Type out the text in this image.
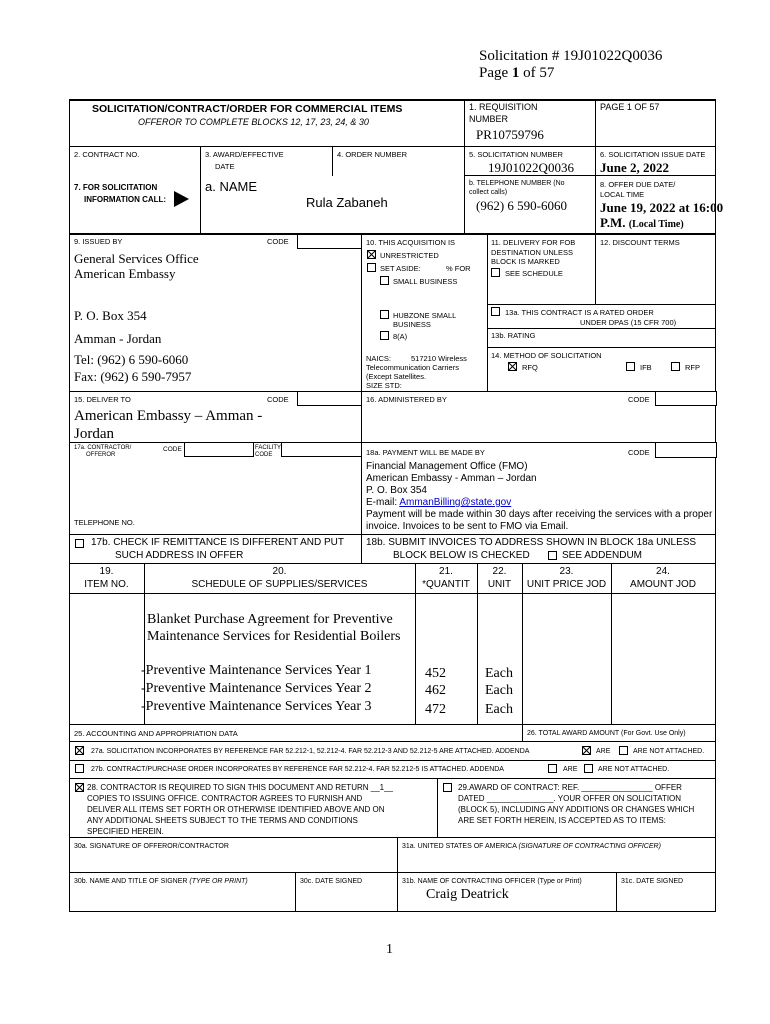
Solicitation # 19J01022Q0036
Page 1 of 57
SOLICITATION/CONTRACT/ORDER FOR COMMERCIAL ITEMS
OFFEROR TO COMPLETE BLOCKS 12, 17, 23, 24, & 30
1. REQUISITION
NUMBER
PR10759796
PAGE 1 OF 57
2. CONTRACT NO.	3. AWARD/EFFECTIVE
DATE
4. ORDER NUMBER	5. SOLICITATION NUMBER
19J01022Q0036
6. SOLICITATION ISSUE DATE
June 2, 2022
7. FOR SOLICITATION
INFORMATION CALL:
a. NAME
Rula Zabaneh
b. TELEPHONE NUMBER (No
collect calls)
(962) 6 590-6060
8. OFFER DUE DATE/
LOCAL TIME
June 19, 2022 at 16:00
P.M. (Local Time)
9. ISSUED BY	CODE
General Services Office
American Embassy
P. O. Box 354
Amman - Jordan
Tel: (962) 6 590-6060
Fax: (962) 6 590-7957
10. THIS ACQUISITION IS
UNRESTRICTED
SET ASIDE:	% FOR
SMALL BUSINESS
HUBZONE SMALL
BUSINESS
8(A)
NAICS:	517210 Wireless
Telecommunication Carriers
(Except Satellites.
SIZE STD:
11. DELIVERY FOR FOB
DESTINATION UNLESS
BLOCK IS MARKED
SEE SCHEDULE
12. DISCOUNT TERMS
13a. THIS CONTRACT IS A RATED ORDER
UNDER DPAS (15 CFR 700)
13b. RATING
14. METHOD OF SOLICITATION
RFQ	IFB	RFP
15. DELIVER TO	CODE
American Embassy – Amman -
Jordan
16. ADMINISTERED BY	CODE
17a. CONTRACTOR/
OFFEROR
CODE	FACILITY
CODE
TELEPHONE NO.
18a. PAYMENT WILL BE MADE BY	CODE
Financial Management Office (FMO)
American Embassy - Amman – Jordan
P. O. Box 354
E-mail: AmmanBilling@state.gov
Payment will be made within 30 days after receiving the services with a proper
invoice. Invoices to be sent to FMO via Email.
17b. CHECK IF REMITTANCE IS DIFFERENT AND PUT
SUCH ADDRESS IN OFFER
18b. SUBMIT INVOICES TO ADDRESS SHOWN IN BLOCK 18a UNLESS
BLOCK BELOW IS CHECKED	SEE ADDENDUM
19.
ITEM NO.
20.
SCHEDULE OF SUPPLIES/SERVICES
21.
*QUANTIT
22.
UNIT
23.
UNIT PRICE JOD
24.
AMOUNT JOD
Blanket Purchase Agreement for Preventive
Maintenance Services for Residential Boilers
-Preventive Maintenance Services Year 1	452	Each
-Preventive Maintenance Services Year 2	462	Each
-Preventive Maintenance Services Year 3	472	Each
25. ACCOUNTING AND APPROPRIATION DATA	26. TOTAL AWARD AMOUNT (For Govt. Use Only)
27a. SOLICITATION INCORPORATES BY REFERENCE FAR 52.212-1, 52.212-4. FAR 52.212-3 AND 52.212-5 ARE ATTACHED. ADDENDA	ARE	ARE NOT ATTACHED.
27b. CONTRACT/PURCHASE ORDER INCORPORATES BY REFERENCE FAR 52.212-4. FAR 52.212-5 IS ATTACHED. ADDENDA	ARE	ARE NOT ATTACHED.
28. CONTRACTOR IS REQUIRED TO SIGN THIS DOCUMENT AND RETURN __1__
COPIES TO ISSUING OFFICE. CONTRACTOR AGREES TO FURNISH AND
DELIVER ALL ITEMS SET FORTH OR OTHERWISE IDENTIFIED ABOVE AND ON
ANY ADDITIONAL SHEETS SUBJECT TO THE TERMS AND CONDITIONS
SPECIFIED HEREIN.
29.AWARD OF CONTRACT: REF. ________________ OFFER
DATED _______________. YOUR OFFER ON SOLICITATION
(BLOCK 5), INCLUDING ANY ADDITIONS OR CHANGES WHICH
ARE SET FORTH HEREIN, IS ACCEPTED AS TO ITEMS:
30a. SIGNATURE OF OFFEROR/CONTRACTOR	31a. UNITED STATES OF AMERICA (SIGNATURE OF CONTRACTING OFFICER)
30b. NAME AND TITLE OF SIGNER (TYPE OR PRINT)	30c. DATE SIGNED	31b. NAME OF CONTRACTING OFFICER (Type or Print)
Craig Deatrick
31c. DATE SIGNED
1
